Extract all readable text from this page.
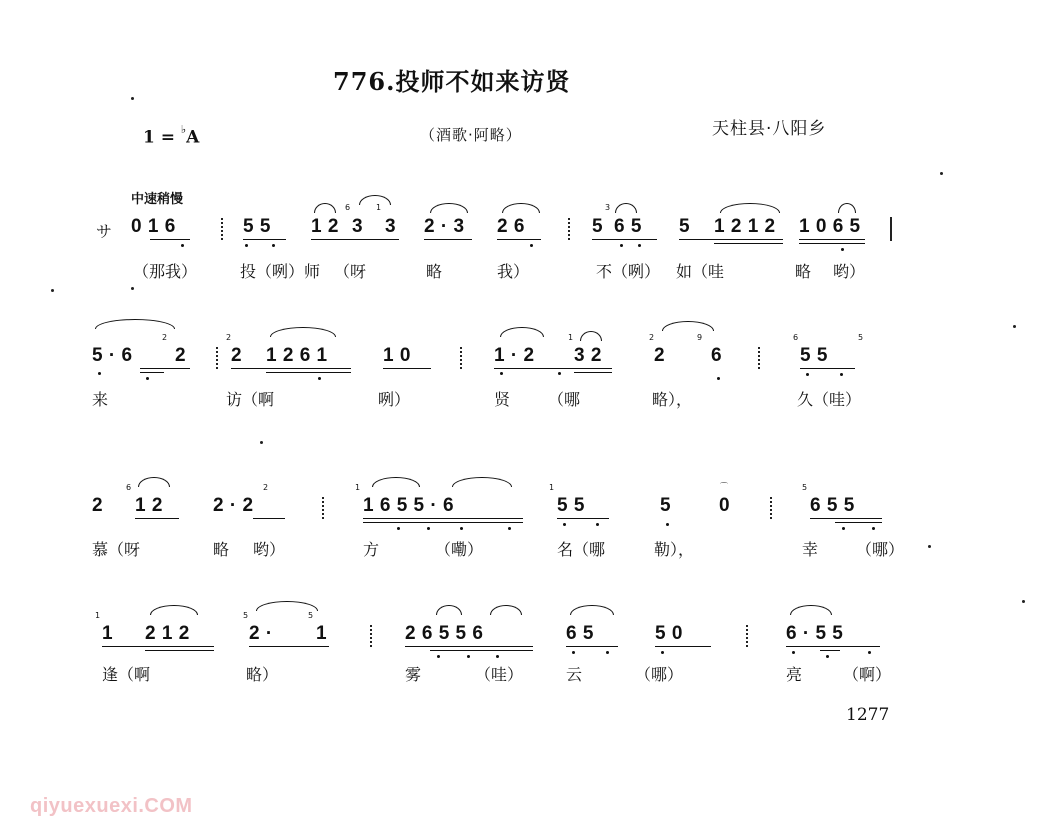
776.投师不如来访贤
1 = ♭A	（酒歌·阿略）	天柱县·八阳乡
中速稍慢
サ 0 1 6	5 5 1 2
6
3
1
3 2 · 3 2 6	5
3
6 5 5 1 2 1 2 1 0 6 5
（那我）	投（咧）师 （呀	略	我）	不（咧） 如（哇	略 哟）
5 · 6
2
2
2
2 1 2 6 1	1 0	1 · 2
1
3 2
2
2
9
6
6
5 5
5
来	访（啊	咧）	贤 （哪	略），	久（哇）
2
6
1 2	2 · 2
2	1
1 6 5 5 · 6
1
5 5	5
⌒
0
5
6 5 5
慕（呀	略 哟）	方	（嘞）	名（哪	勒），	幸 （哪）
1
1 2 1 2
5
2 ·
5
1	2 6 5 5 6	6 5	5 0	6 · 5 5
逢（啊	略）	雾	（哇）	云	（哪）	亮	（啊）
1277
qiyuexuexi.COM
